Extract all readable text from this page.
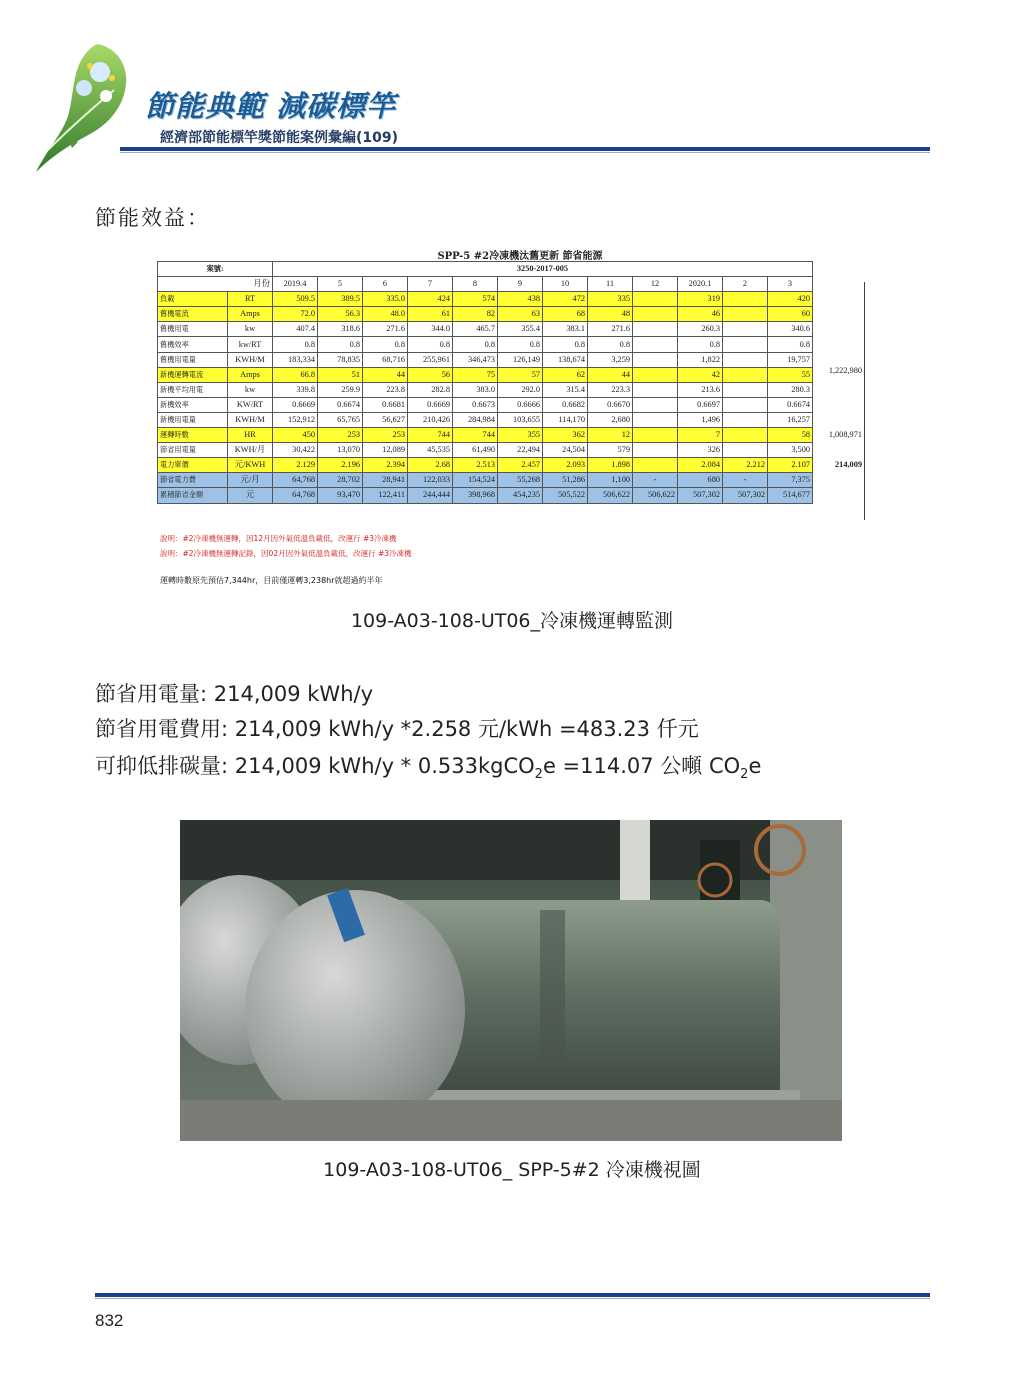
節能典範 減碳標竿
經濟部節能標竿獎節能案例彙編(109)
節能效益：
SPP-5 #2冷凍機汰舊更新 節省能源
案號:		3250-2017-005											
月份		2019.4	5	6	7	8	9	10	11	12	2020.1	2	3
負載	RT	509.5	389.5	335.0	424	574	438	472	335		319		420
舊機電流	Amps	72.0	56.3	48.0	61	82	63	68	48		46		60
舊機用電	kw	407.4	318.6	271.6	344.0	465.7	355.4	383.1	271.6		260.3		340.6
舊機效率	kw/RT	0.8	0.8	0.8	0.8	0.8	0.8	0.8	0.8		0.8		0.8
舊機用電量	KWH/M	183,334	78,835	68,716	255,961	346,473	126,149	138,674	3,259		1,822		19,757
新機運轉電流	Amps	66.8	51	44	56	75	57	62	44		42		55
新機平均用電	kw	339.8	259.9	223.8	282.8	383.0	292.0	315.4	223.3		213.6		280.3
新機效率	KW/RT	0.6669	0.6674	0.6681	0.6669	0.6673	0.6666	0.6682	0.6670		0.6697		0.6674
新機用電量	KWH/M	152,912	65,765	56,627	210,426	284,984	103,655	114,170	2,680		1,496		16,257
運轉時數	HR	450	253	253	744	744	355	362	12		7		58
節省用電量	KWH/月	30,422	13,070	12,089	45,535	61,490	22,494	24,504	579		326		3,500
電力單價	元/KWH	2.129	2.196	2.394	2.68	2.513	2.457	2.093	1.898		2.084	2.212	2.107
節省電力費	元/月	64,768	28,702	28,941	122,033	154,524	55,268	51,286	1,100	-	680	-	7,375
累積節省金額	元	64,768	93,470	122,411	244,444	398,968	454,235	505,522	506,622	506,622	507,302	507,302	514,677
1,222,980
1,008,971
214,009
說明：#2冷凍機無運轉，因12月因外氣低溫負載低，改運行 #3冷凍機
說明：#2冷凍機無運轉記錄，因02月因外氣低溫負載低，改運行 #3冷凍機
運轉時數原先預估7,344hr，目前僅運轉3,238hr就超過約半年
109-A03-108-UT06_冷凍機運轉監測
節省用電量: 214,009 kWh/y
節省用電費用: 214,009 kWh/y *2.258 元/kWh =483.23 仟元
可抑低排碳量: 214,009 kWh/y * 0.533kgCO$_2$e =114.07 公噸 $CO_2e$
109-A03-108-UT06_ SPP-5#2 冷凍機視圖
832
